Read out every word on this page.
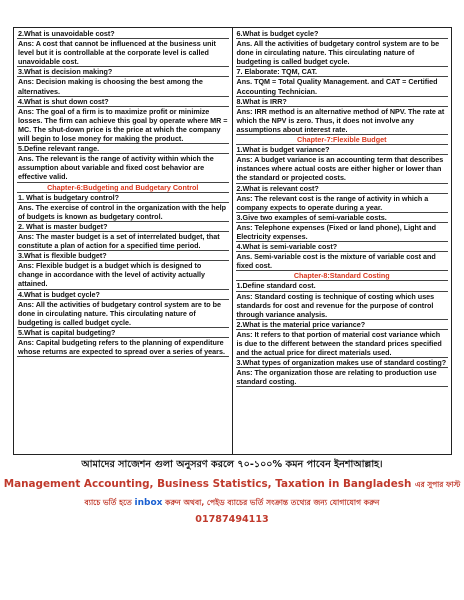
2.What is unavoidable cost?
Ans: A cost that cannot be influenced at the business unit level but it is controllable at the corporate level is called unavoidable cost.
3.What is decision making?
Ans: Decision making is choosing the best among the alternatives.
4.What is shut down cost?
Ans: The goal of a firm is to maximize profit or minimize losses. The firm can achieve this goal by operate where MR = MC. The shut-down price is the price at which the company will begin to lose money for making the product.
5.Define relevant range.
Ans. The relevant is the range of activity within which the assumption about variable and fixed cost behavior are effective valid.
Chapter-6:Budgeting and Budgetary Control
1. What is budgetary control?
Ans. The exercise of control in the organization with the help of budgets is known as budgetary control.
2. What is master budget?
Ans: The master budget is a set of interrelated budget, that constitute a plan of action for a specified time period.
3.What is flexible budget?
Ans: Flexible budget is a budget which is designed to change in accordance with the level of activity actually attained.
4.What is budget cycle?
Ans: All the activities of budgetary control system are to be done in circulating nature. This circulating nature of budgeting is called budget cycle.
5.What is capital budgeting?
Ans: Capital budgeting refers to the planning of expenditure whose returns are expected to spread over a series of years.
6.What is budget cycle?
Ans. All the activities of budgetary control system are to be done in circulating nature. This circulating nature of budgeting is called budget cycle.
7. Elaborate: TQM, CAT.
Ans. TQM = Total Quality Management. and CAT = Certified Accounting Technician.
8.What is IRR?
Ans: IRR method is an alternative method of NPV. The rate at which the NPV is zero. Thus, it does not involve any assumptions about interest rate.
Chapter-7:Flexible Budget
1.What is budget variance?
Ans: A budget variance is an accounting term that describes instances where actual costs are either higher or lower than the standard or projected costs.
2.What is relevant cost?
Ans: The relevant cost is the range of activity in which a company expects to operate during a year.
3.Give two examples of semi-variable costs.
Ans: Telephone expenses (Fixed or land phone), Light and Electricity expenses.
4.What is semi-variable cost?
Ans. Semi-variable cost is the mixture of variable cost and fixed cost.
Chapter-8:Standard Costing
1.Define standard cost.
Ans: Standard costing is technique of costing which uses standards for cost and revenue for the purpose of control through variance analysis.
2.What is the material price variance?
Ans: It refers to that portion of material cost variance which is due to the different between the standard prices specified and the actual price for direct materials used.
3.What types of organization makes use of standard costing?
Ans: The organization those are relating to production use standard costing.
আমাদের সাজেশন গুলা অনুসরণ করলে ৭০-১০০% কমন পাবেন ইনশাআল্লাহ।
Management Accounting, Business Statistics, Taxation in Bangladesh এর সুপার ফাস্ট
ব্যাচে ভর্তি হতে inbox করুন অথবা, পেইড ব্যাচের ভর্তি সংক্রান্ত তথ্যের জন্য যোগাযোগ করুন
01787494113
